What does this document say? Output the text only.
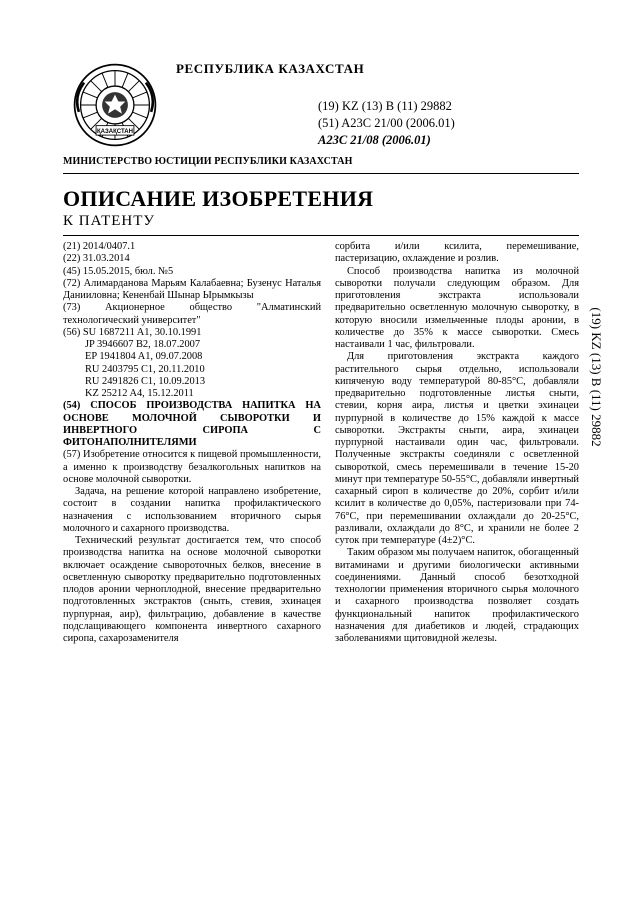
ҚАЗАҚСТАН
РЕСПУБЛИКА КАЗАХСТАН
(19) KZ (13) B (11) 29882
(51) A23C 21/00 (2006.01)
A23C 21/08 (2006.01)
МИНИСТЕРСТВО ЮСТИЦИИ РЕСПУБЛИКИ КАЗАХСТАН
ОПИСАНИЕ ИЗОБРЕТЕНИЯ
К ПАТЕНТУ
(21) 2014/0407.1
(22) 31.03.2014
(45) 15.05.2015, бюл. №5
(72) Алимарданова Марьям Калабаевна; Бузенус Наталья Данииловна; Кененбай Шынар Ырымкызы
(73) Акционерное общество "Алматинский технологический университет"
(56) SU 1687211 A1, 30.10.1991
JP 3946607 B2, 18.07.2007
EP 1941804 A1, 09.07.2008
RU 2403795 C1, 20.11.2010
RU 2491826 C1, 10.09.2013
KZ 25212 A4, 15.12.2011

(54) СПОСОБ ПРОИЗВОДСТВА НАПИТКА НА ОСНОВЕ МОЛОЧНОЙ СЫВОРОТКИ И ИНВЕРТНОГО СИРОПА С ФИТОНАПОЛНИТЕЛЯМИ

(57) Изобретение относится к пищевой промышленности, а именно к производству безалкогольных напитков на основе молочной сыворотки.

Задача, на решение которой направлено изобретение, состоит в создании напитка профилактического назначения с использованием вторичного сырья молочного и сахарного производства.

Технический результат достигается тем, что способ производства напитка на основе молочной сыворотки включает осаждение сывороточных белков, внесение в осветленную сыворотку предварительно подготовленных плодов аронии черноплодной, внесение предварительно подготовленных экстрактов (сныть, стевия, эхинацея пурпурная, аир), фильтрацию, добавление в качестве подслащивающего компонента инвертного сахарного сиропа, сахарозаменителя

сорбита и/или ксилита, перемешивание, пастеризацию, охлаждение и розлив.

Способ производства напитка из молочной сыворотки получали следующим образом. Для приготовления экстракта использовали предварительно осветленную молочную сыворотку, в которую вносили измельченные плоды аронии, в количестве до 35% к массе сыворотки. Смесь настаивали 1 час, фильтровали.

Для приготовления экстракта каждого растительного сырья отдельно, использовали кипяченую воду температурой 80-85°С, добавляли предварительно подготовленные листья сныти, стевии, корня аира, листья и цветки эхинацеи пурпурной в количестве до 15% каждой к массе сыворотки. Экстракты сныти, аира, эхинацеи пурпурной настаивали один час, фильтровали. Полученные экстракты соединяли с осветленной сывороткой, смесь перемешивали в течение 15-20 минут при температуре 50-55°С, добавляли инвертный сахарный сироп в количестве до 20%, сорбит и/или ксилит в количестве до 0,05%, пастеризовали при 74-76°С, при перемешивании охлаждали до 20-25°С, разливали, охлаждали до 8°С, и хранили не более 2 суток при температуре (4±2)°С.

Таким образом мы получаем напиток, обогащенный витаминами и другими биологически активными соединениями. Данный способ безотходной технологии применения вторичного сырья молочного и сахарного производства позволяет создать функциональный напиток профилактического назначения для диабетиков и людей, страдающих заболеваниями щитовидной железы.

(19) KZ (13) B (11) 29882
